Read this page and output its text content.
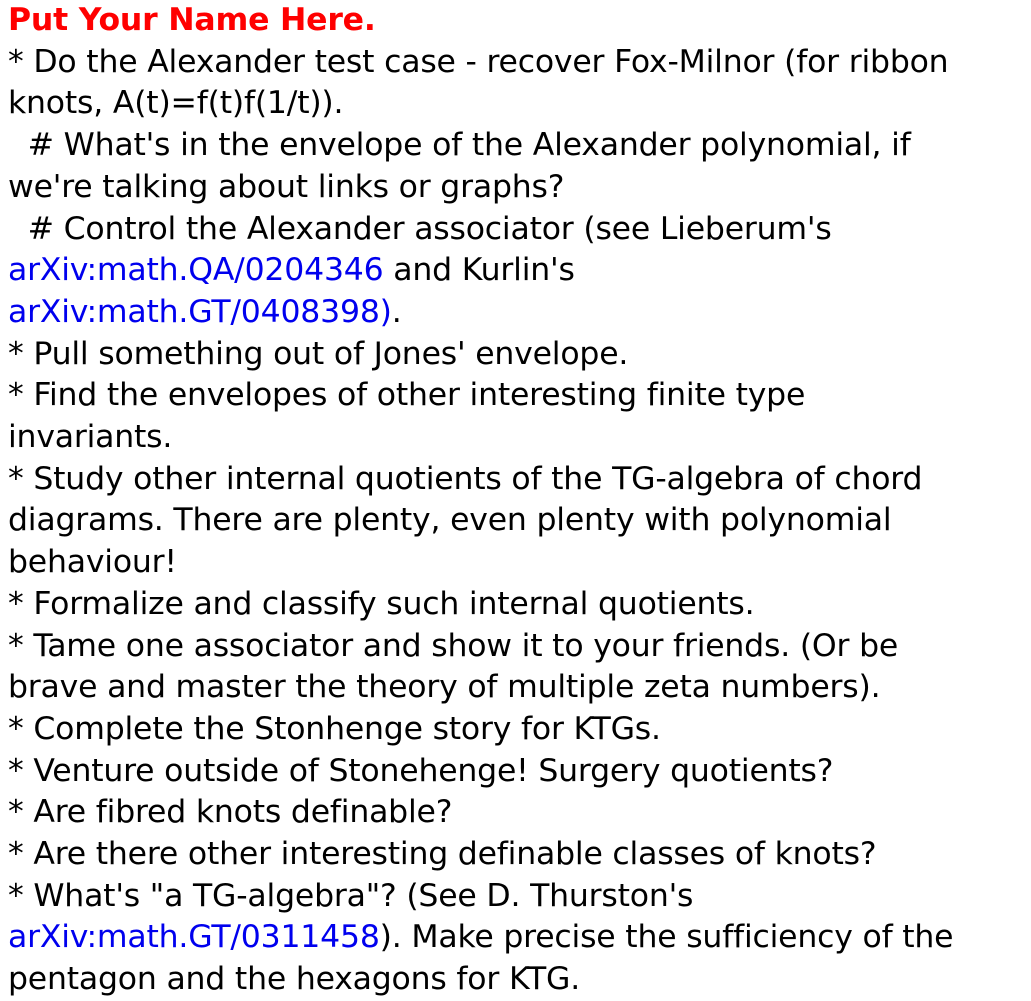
Put Your Name Here.
* Do the Alexander test case - recover Fox-Milnor (for ribbon
knots, A(t)=f(t)f(1/t)).
# What's in the envelope of the Alexander polynomial, if
we're talking about links or graphs?
# Control the Alexander associator (see Lieberum's
arXiv:math.QA/0204346 and Kurlin's
arXiv:math.GT/0408398).
* Pull something out of Jones' envelope.
* Find the envelopes of other interesting finite type
invariants.
* Study other internal quotients of the TG-algebra of chord
diagrams. There are plenty, even plenty with polynomial
behaviour!
* Formalize and classify such internal quotients.
* Tame one associator and show it to your friends. (Or be
brave and master the theory of multiple zeta numbers).
* Complete the Stonhenge story for KTGs.
* Venture outside of Stonehenge! Surgery quotients?
* Are fibred knots definable?
* Are there other interesting definable classes of knots?
* What's "a TG-algebra"? (See D. Thurston's
arXiv:math.GT/0311458). Make precise the sufficiency of the
pentagon and the hexagons for KTG.
